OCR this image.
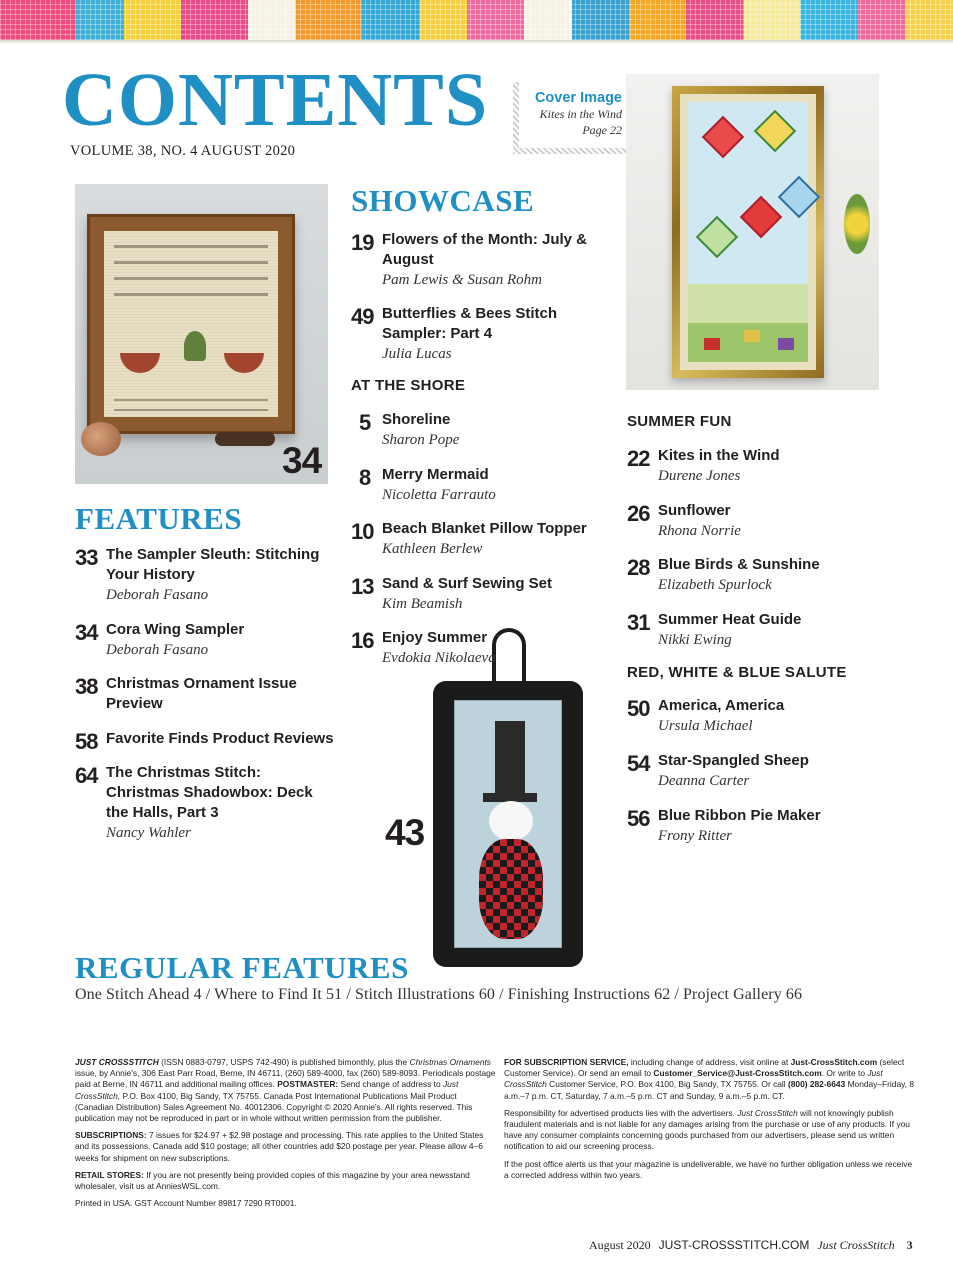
CONTENTS
VOLUME 38, NO. 4 AUGUST 2020
Cover Image
Kites in the Wind
Page 22
34
43
FEATURES
33 The Sampler Sleuth: Stitching
Your History
Deborah Fasano
34 Cora Wing Sampler
Deborah Fasano
38 Christmas Ornament Issue
Preview
58 Favorite Finds Product Reviews
64 The Christmas Stitch:
Christmas Shadowbox: Deck
the Halls, Part 3
Nancy Wahler
SHOWCASE
19 Flowers of the Month: July &
August
Pam Lewis & Susan Rohm
49 Butterflies & Bees Stitch
Sampler: Part 4
Julia Lucas
AT THE SHORE
5 Shoreline
Sharon Pope
8 Merry Mermaid
Nicoletta Farrauto
10 Beach Blanket Pillow Topper
Kathleen Berlew
13 Sand & Surf Sewing Set
Kim Beamish
16 Enjoy Summer
Evdokia Nikolaeva
SUMMER FUN
22 Kites in the Wind
Durene Jones
26 Sunflower
Rhona Norrie
28 Blue Birds & Sunshine
Elizabeth Spurlock
31 Summer Heat Guide
Nikki Ewing
RED, WHITE & BLUE SALUTE
50 America, America
Ursula Michael
54 Star-Spangled Sheep
Deanna Carter
56 Blue Ribbon Pie Maker
Frony Ritter
REGULAR FEATURES
One Stitch Ahead 4 / Where to Find It 51 / Stitch Illustrations 60 / Finishing Instructions 62 / Project Gallery 66

JUST CROSSSTITCH (ISSN 0883-0797, USPS 742-490) is published bimonthly, plus the Christmas Ornaments issue, by Annie's, 306 East Parr Road, Berne, IN 46711, (260) 589-4000, fax (260) 589-8093. Periodicals postage paid at Berne, IN 46711 and additional mailing offices. POSTMASTER: Send change of address to Just CrossStitch, P.O. Box 4100, Big Sandy, TX 75755. Canada Post International Publications Mail Product (Canadian Distribution) Sales Agreement No. 40012306. Copyright © 2020 Annie's. All rights reserved. This publication may not be reproduced in part or in whole without written permission from the publisher.

SUBSCRIPTIONS: 7 issues for $24.97 + $2.98 postage and processing. This rate applies to the United States and its possessions. Canada add $10 postage; all other countries add $20 postage per year. Please allow 4–6 weeks for shipment on new subscriptions.

RETAIL STORES: If you are not presently being provided copies of this magazine by your area newsstand wholesaler, visit us at AnniesWSL.com.

Printed in USA. GST Account Number 89817 7290 RT0001.

FOR SUBSCRIPTION SERVICE, including change of address, visit online at Just-CrossStitch.com (select Customer Service). Or send an email to Customer_Service@Just-CrossStitch.com. Or write to Just CrossStitch Customer Service, P.O. Box 4100, Big Sandy, TX 75755. Or call (800) 282-6643 Monday–Friday, 8 a.m.–7 p.m. CT, Saturday, 7 a.m.–5 p.m. CT and Sunday, 9 a.m.–5 p.m. CT.

Responsibility for advertised products lies with the advertisers. Just CrossStitch will not knowingly publish fraudulent materials and is not liable for any damages arising from the purchase or use of any products. If you have any consumer complaints concerning goods purchased from our advertisers, please send us written notification to aid our screening process.

If the post office alerts us that your magazine is undeliverable, we have no further obligation unless we receive a corrected address within two years.

August 2020 JUST-CROSSSTITCH.COM Just CrossStitch 3
